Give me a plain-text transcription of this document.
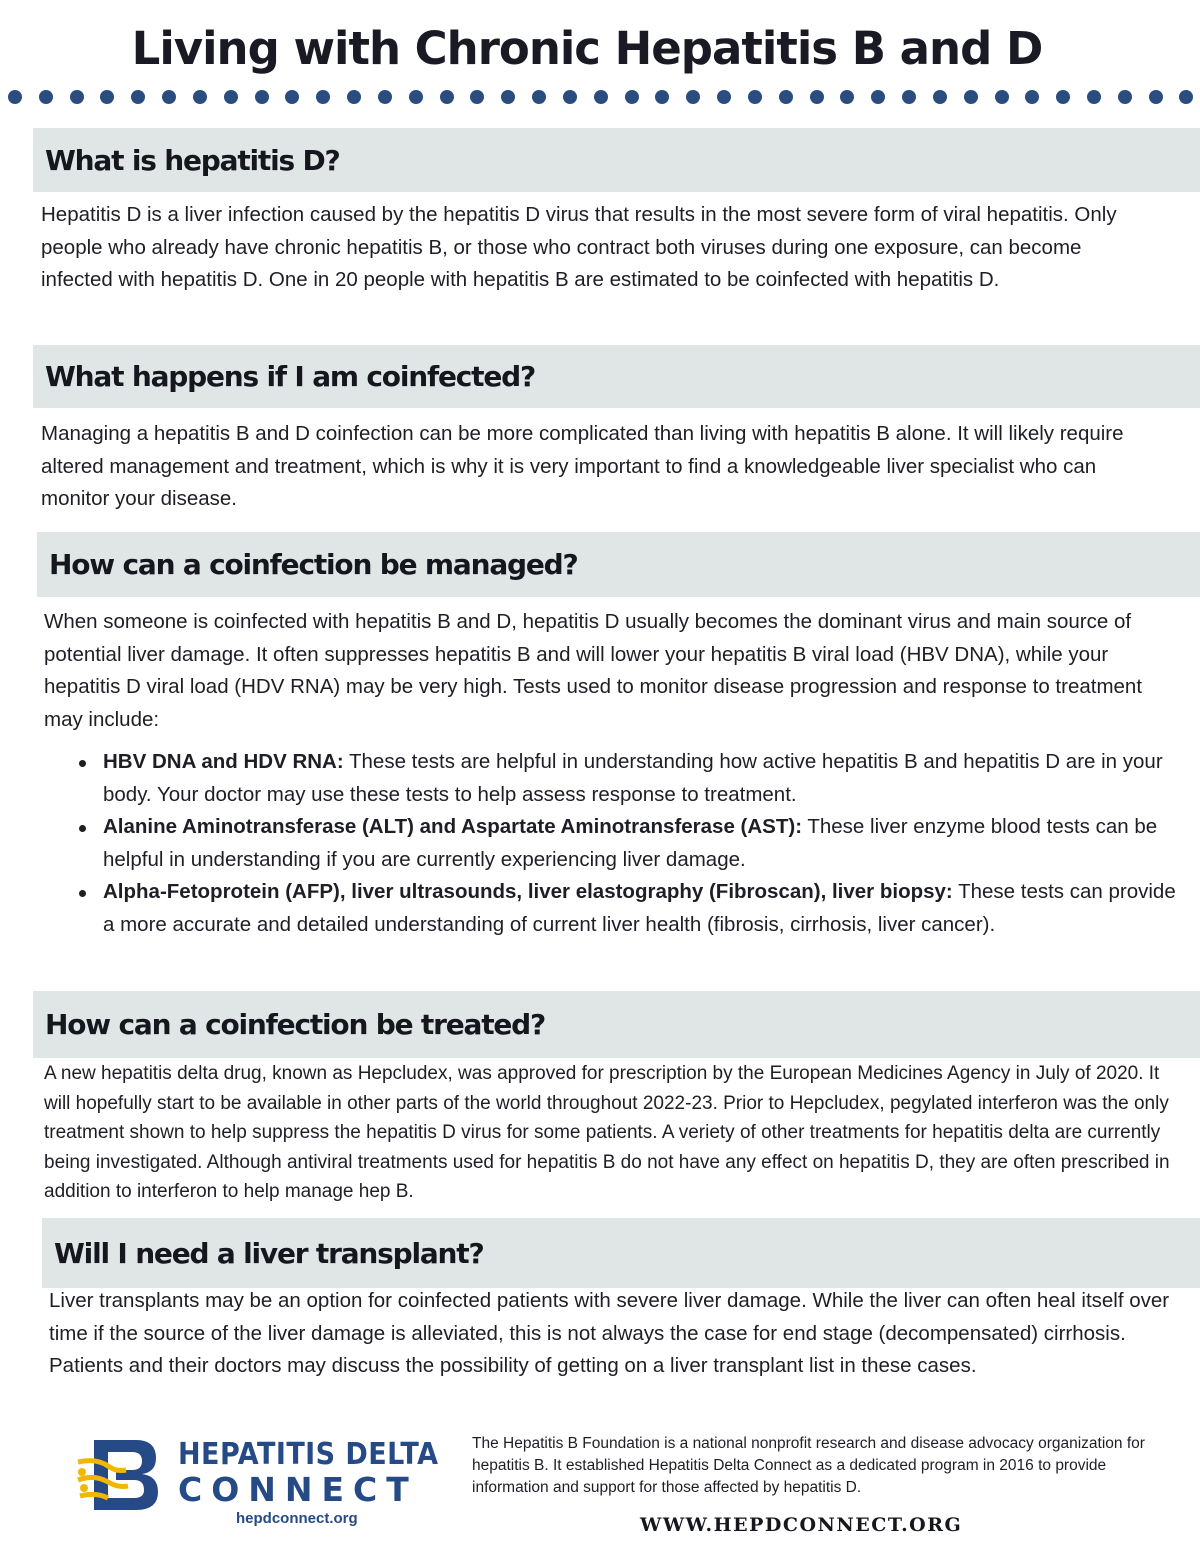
Living with Chronic Hepatitis B and D
What is hepatitis D?

Hepatitis D is a liver infection caused by the hepatitis D virus that results in the most severe form of viral hepatitis. Only people who already have chronic hepatitis B, or those who contract both viruses during one exposure, can become infected with hepatitis D. One in 20 people with hepatitis B are estimated to be coinfected with hepatitis D.

What happens if I am coinfected?

Managing a hepatitis B and D coinfection can be more complicated than living with hepatitis B alone. It will likely require altered management and treatment, which is why it is very important to find a knowledgeable liver specialist who can monitor your disease.

How can a coinfection be managed?

When someone is coinfected with hepatitis B and D, hepatitis D usually becomes the dominant virus and main source of potential liver damage. It often suppresses hepatitis B and will lower your hepatitis B viral load (HBV DNA), while your hepatitis D viral load (HDV RNA) may be very high. Tests used to monitor disease progression and response to treatment may include:

HBV DNA and HDV RNA: These tests are helpful in understanding how active hepatitis B and hepatitis D are in your body. Your doctor may use these tests to help assess response to treatment.
Alanine Aminotransferase (ALT) and Aspartate Aminotransferase (AST): These liver enzyme blood tests can be helpful in understanding if you are currently experiencing liver damage.
Alpha-Fetoprotein (AFP), liver ultrasounds, liver elastography (Fibroscan), liver biopsy: These tests can provide a more accurate and detailed understanding of current liver health (fibrosis, cirrhosis, liver cancer).
How can a coinfection be treated?

A new hepatitis delta drug, known as Hepcludex, was approved for prescription by the European Medicines Agency in July of 2020. It will hopefully start to be available in other parts of the world throughout 2022-23. Prior to Hepcludex, pegylated interferon was the only treatment shown to help suppress the hepatitis D virus for some patients. A veriety of other treatments for hepatitis delta are currently being investigated. Although antiviral treatments used for hepatitis B do not have any effect on hepatitis D, they are often prescribed in addition to interferon to help manage hep B.

Will I need a liver transplant?

Liver transplants may be an option for coinfected patients with severe liver damage. While the liver can often heal itself over time if the source of the liver damage is alleviated, this is not always the case for end stage (decompensated) cirrhosis. Patients and their doctors may discuss the possibility of getting on a liver transplant list in these cases.

HEPATITIS DELTA

CONNECT

hepdconnect.org

The Hepatitis B Foundation is a national nonprofit research and disease advocacy organization for hepatitis B. It established Hepatitis Delta Connect as a dedicated program in 2016 to provide information and support for those affected by hepatitis D.

WWW.HEPDCONNECT.ORG
